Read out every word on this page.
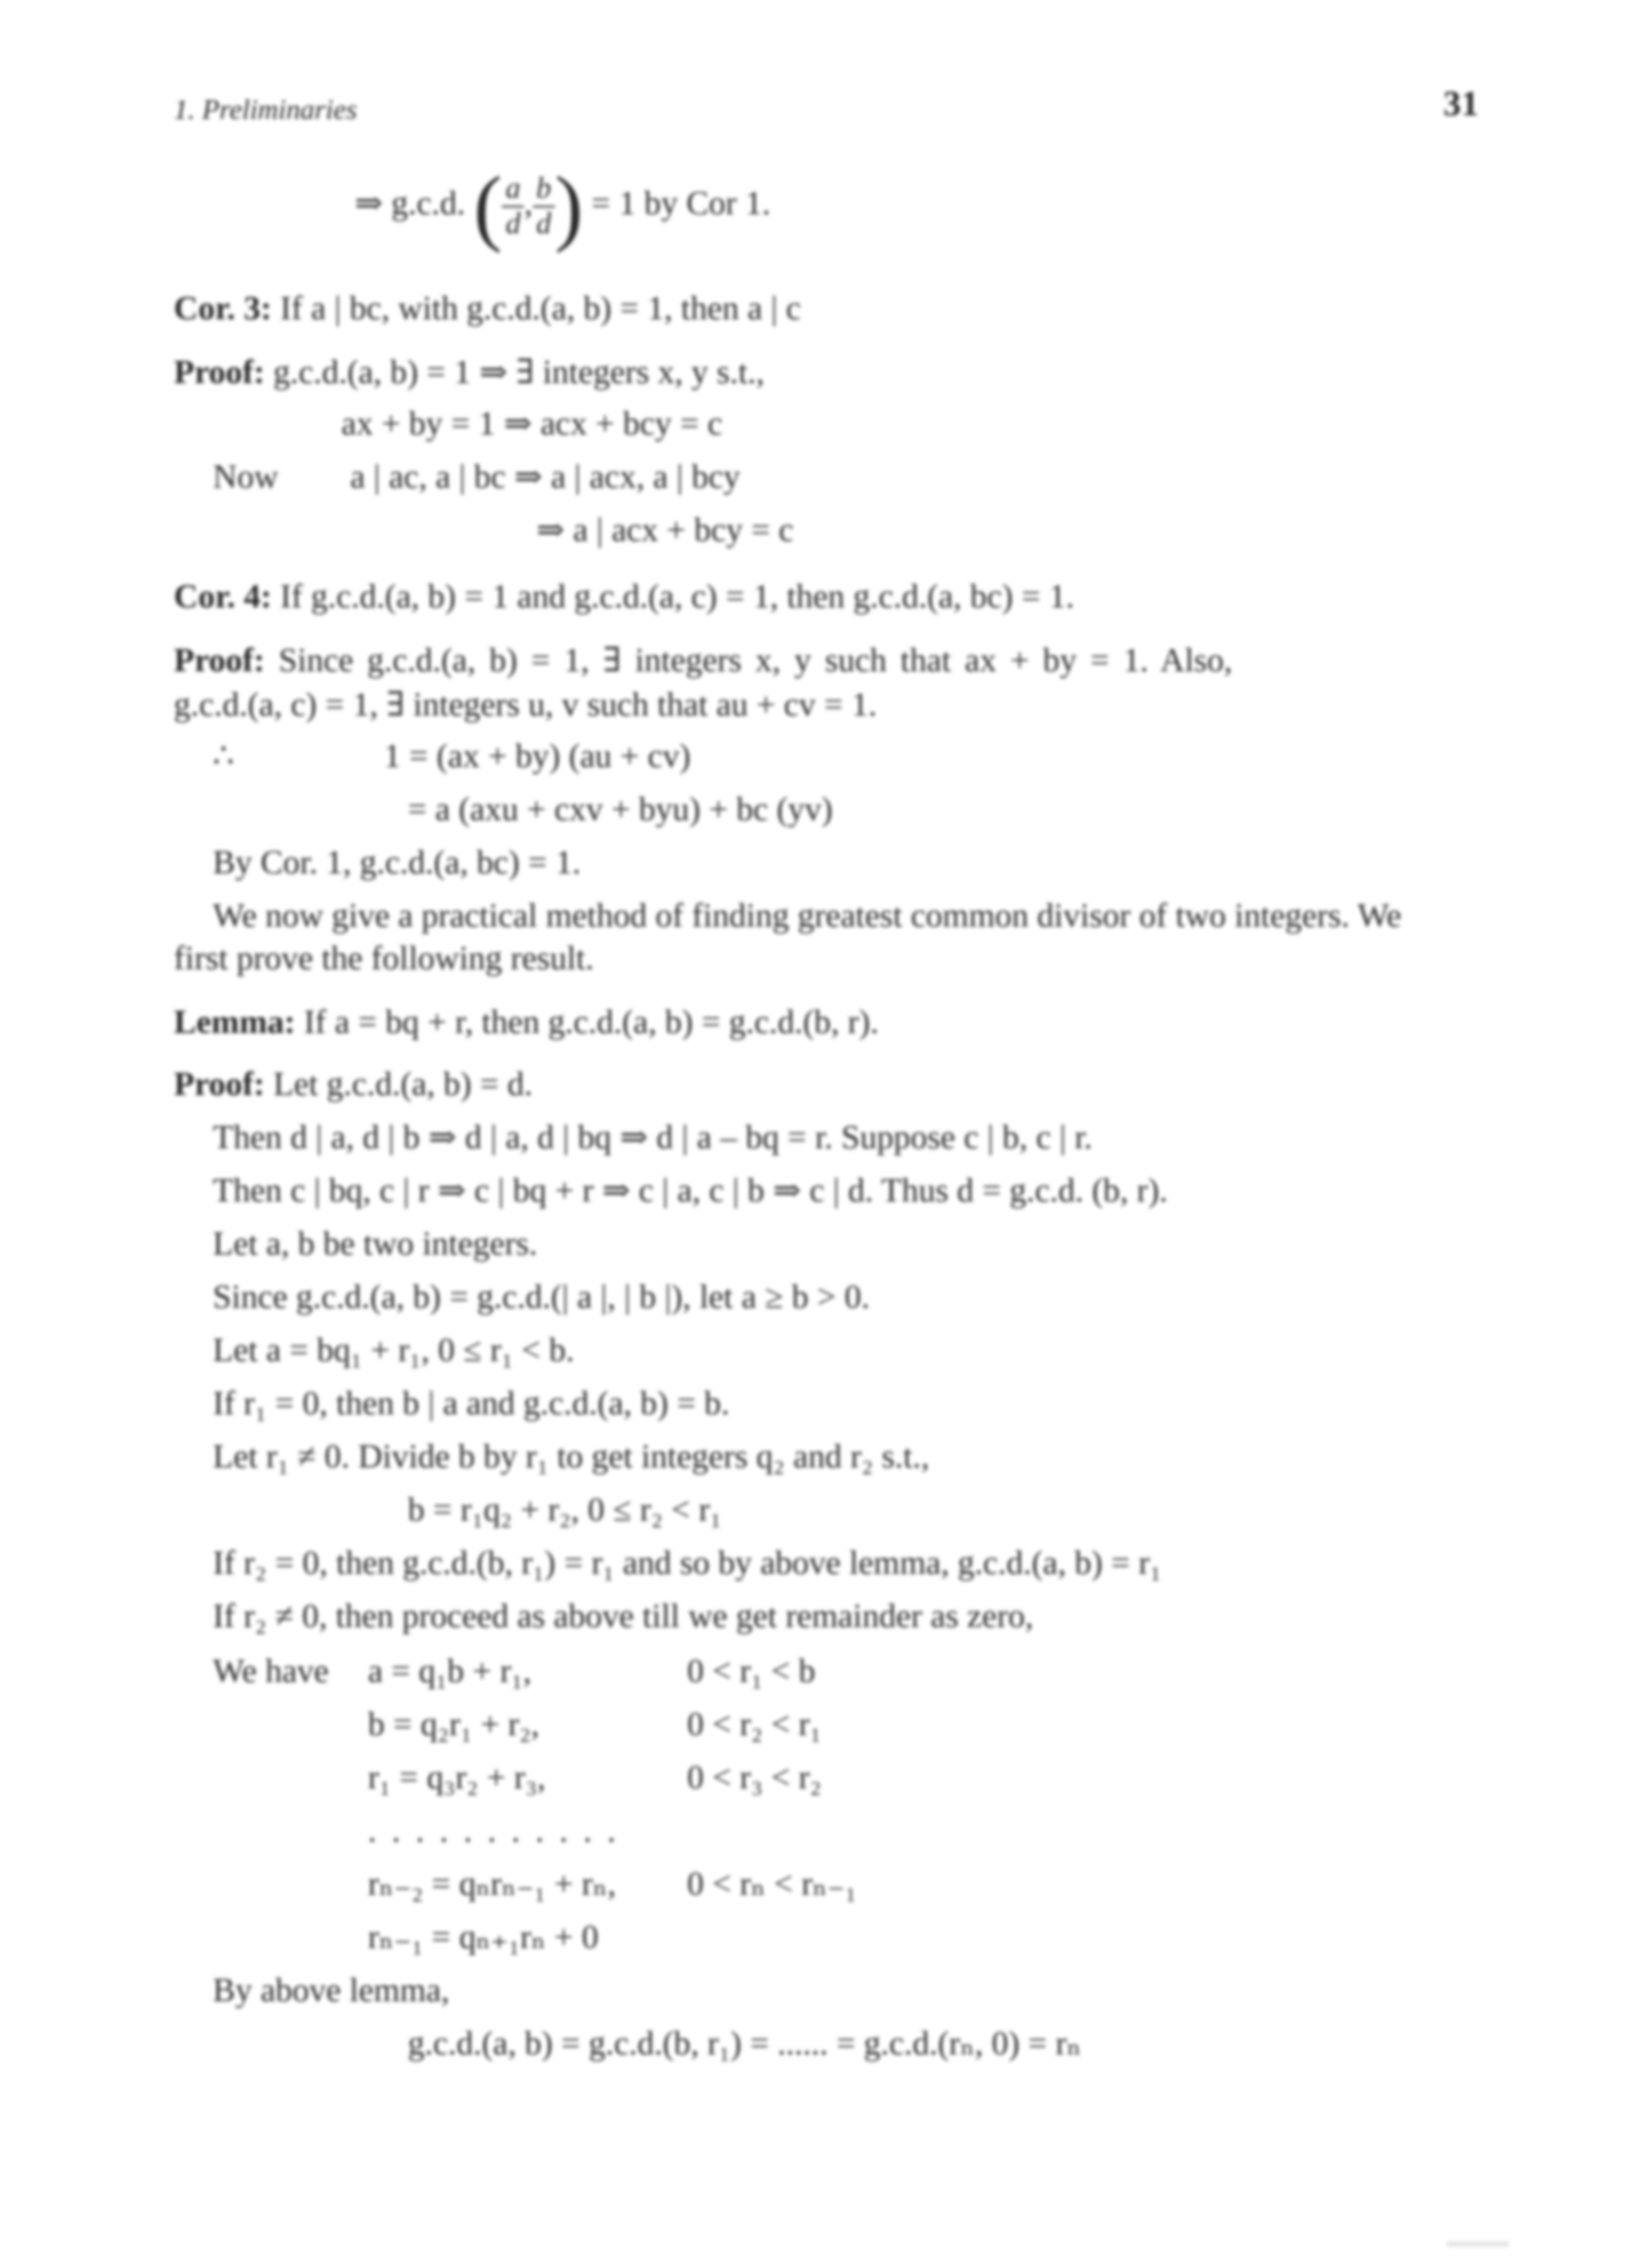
1. Preliminaries	31
⇒ g.c.d. ( $\frac{a}{d}$ , $\frac{b}{d}$ ) = 1 by Cor 1.
Cor. 3: If a | bc, with g.c.d.(a, b) = 1, then a | c
Proof: g.c.d.(a, b) = 1 ⇒ ∃ integers x, y s.t.,
ax + by = 1 ⇒ acx + bcy = c
Now a | ac, a | bc ⇒ a | acx, a | bcy
⇒ a | acx + bcy = c
Cor. 4: If g.c.d.(a, b) = 1 and g.c.d.(a, c) = 1, then g.c.d.(a, bc) = 1.
Proof: Since g.c.d.(a, b) = 1, ∃ integers x, y such that ax + by = 1. Also,
g.c.d.(a, c) = 1, ∃ integers u, v such that au + cv = 1.
∴	1 = (ax + by) (au + cv)
= a (axu + cxv + byu) + bc (yv)
By Cor. 1, g.c.d.(a, bc) = 1.
We now give a practical method of finding greatest common divisor of two integers. We
first prove the following result.
Lemma: If a = bq + r, then g.c.d.(a, b) = g.c.d.(b, r).
Proof: Let g.c.d.(a, b) = d.
Then d | a, d | b ⇒ d | a, d | bq ⇒ d | a – bq = r. Suppose c | b, c | r.
Then c | bq, c | r ⇒ c | bq + r ⇒ c | a, c | b ⇒ c | d. Thus d = g.c.d. (b, r).
Let a, b be two integers.
Since g.c.d.(a, b) = g.c.d.(| a |, | b |), let a ≥ b > 0.
Let a = bq₁ + r₁, 0 ≤ r₁ < b.
If r₁ = 0, then b | a and g.c.d.(a, b) = b.
Let r₁ ≠ 0. Divide b by r₁ to get integers q₂ and r₂ s.t.,
b = r₁q₂ + r₂, 0 ≤ r₂ < r₁
If r₂ = 0, then g.c.d.(b, r₁) = r₁ and so by above lemma, g.c.d.(a, b) = r₁
If r₂ ≠ 0, then proceed as above till we get remainder as zero,
We have a = q₁b + r₁,	0 < r₁ < b
b = q₂r₁ + r₂,	0 < r₂ < r₁
r₁ = q₃r₂ + r₃,	0 < r₃ < r₂
. . . . . . . . . . .
rₙ₋₂ = qₙrₙ₋₁ + rₙ, 0 < rₙ < rₙ₋₁
rₙ₋₁ = qₙ₊₁rₙ + 0
By above lemma,
g.c.d.(a, b) = g.c.d.(b, r₁) = ...... = g.c.d.(rₙ, 0) = rₙ
